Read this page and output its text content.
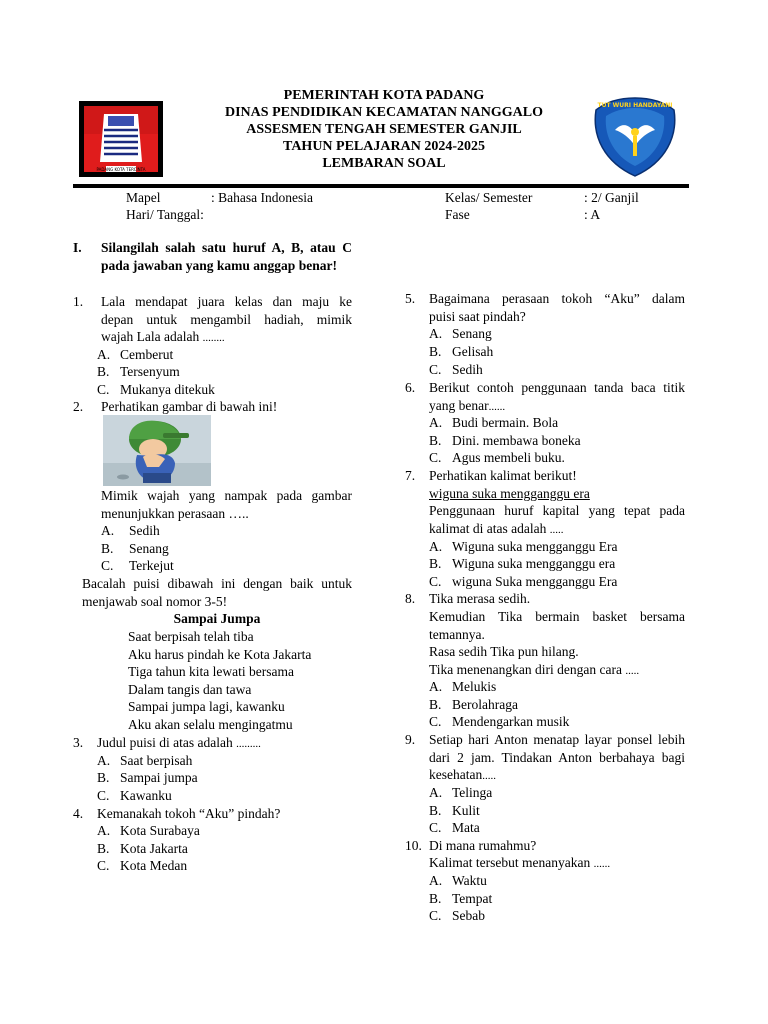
PADANG KOTA TERCINTA
TUT WURI HANDAYANI
PEMERINTAH KOTA PADANG
DINAS PENDIDIKAN KECAMATAN NANGGALO
ASSESMEN TENGAH SEMESTER GANJIL
TAHUN PELAJARAN 2024-2025
LEMBARAN SOAL
Mapel	: Bahasa Indonesia
Hari/ Tanggal:
Kelas/ Semester	: 2/ Ganjil
Fase	: A
I. Silangilah salah satu huruf A, B, atau C
pada jawaban yang kamu anggap benar!
1. Lala mendapat juara kelas dan maju ke
depan untuk mengambil hadiah, mimik
wajah Lala adalah ........
A. Cemberut
B. Tersenyum
C. Mukanya ditekuk
2. Perhatikan gambar di bawah ini!
Mimik wajah yang nampak pada gambar
menunjukkan perasaan …..
A. Sedih
B. Senang
C. Terkejut
Bacalah puisi dibawah ini dengan baik untuk
menjawab soal nomor 3-5!
Sampai Jumpa
Saat berpisah telah tiba
Aku harus pindah ke Kota Jakarta
Tiga tahun kita lewati bersama
Dalam tangis dan tawa
Sampai jumpa lagi, kawanku
Aku akan selalu mengingatmu
3. Judul puisi di atas adalah .........
A. Saat berpisah
B. Sampai jumpa
C. Kawanku
4. Kemanakah tokoh “Aku” pindah?
A. Kota Surabaya
B. Kota Jakarta
C. Kota Medan
5. Bagaimana perasaan tokoh “Aku” dalam
puisi saat pindah?
A. Senang
B. Gelisah
C. Sedih
6. Berikut contoh penggunaan tanda baca titik
yang benar......
A. Budi bermain. Bola
B. Dini. membawa boneka
C. Agus membeli buku.
7. Perhatikan kalimat berikut!
wiguna suka mengganggu era
Penggunaan huruf kapital yang tepat pada
kalimat di atas adalah .....
A. Wiguna suka mengganggu Era
B. Wiguna suka mengganggu era
C. wiguna Suka mengganggu Era
8. Tika merasa sedih.
Kemudian Tika bermain basket bersama
temannya.
Rasa sedih Tika pun hilang.
Tika menenangkan diri dengan cara .....
A. Melukis
B. Berolahraga
C. Mendengarkan musik
9. Setiap hari Anton menatap layar ponsel lebih
dari 2 jam. Tindakan Anton berbahaya bagi
kesehatan.....
A. Telinga
B. Kulit
C. Mata
10. Di mana rumahmu?
Kalimat tersebut menanyakan ......
A. Waktu
B. Tempat
C. Sebab
